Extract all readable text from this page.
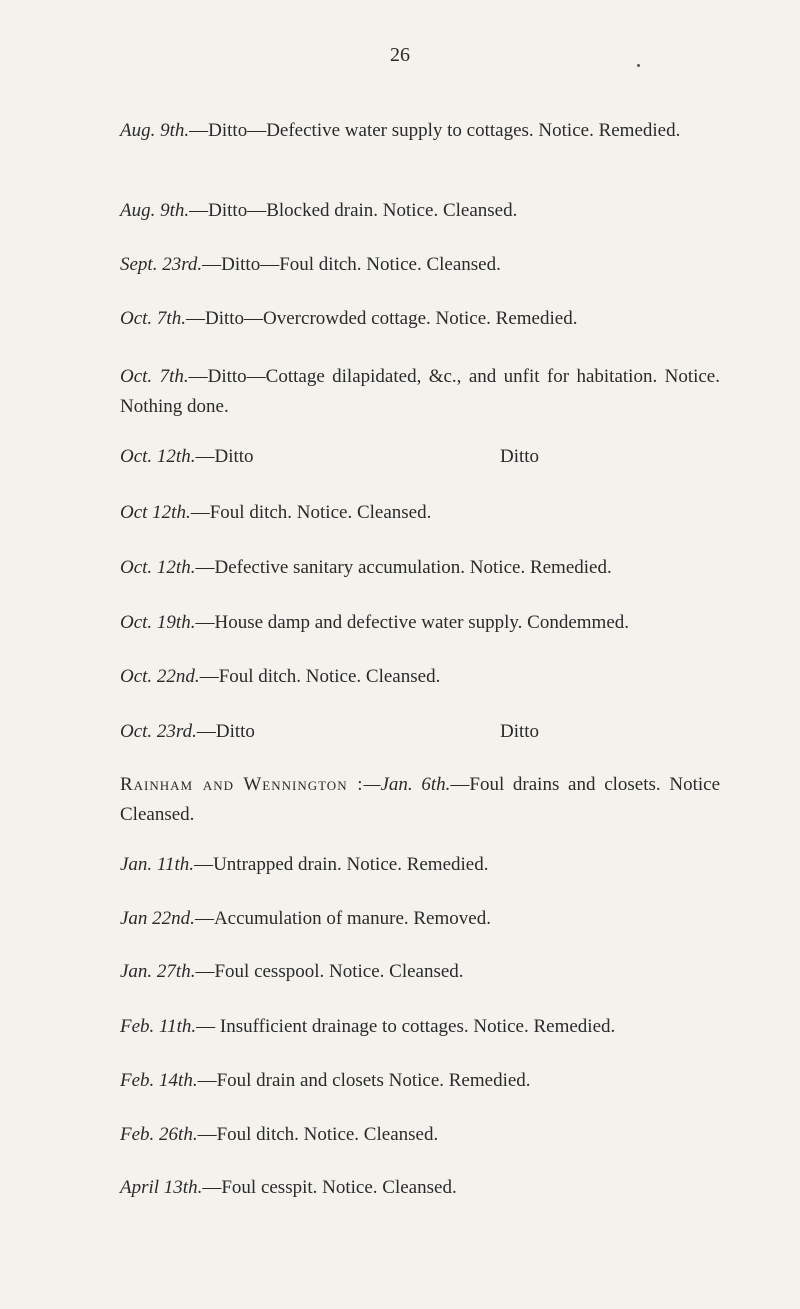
26
Aug. 9th.—Ditto—Defective water supply to cottages. Notice. Remedied.
Aug. 9th.—Ditto—Blocked drain. Notice. Cleansed.
Sept. 23rd.—Ditto—Foul ditch. Notice. Cleansed.
Oct. 7th.—Ditto—Overcrowded cottage. Notice. Remedied.
Oct. 7th.—Ditto—Cottage dilapidated, &c., and unfit for habitation. Notice. Nothing done.
Oct. 12th.—Ditto	Ditto
Oct 12th.—Foul ditch. Notice. Cleansed.
Oct. 12th.—Defective sanitary accumulation. Notice. Remedied.
Oct. 19th.—House damp and defective water supply. Condemmed.
Oct. 22nd.—Foul ditch. Notice. Cleansed.
Oct. 23rd.—Ditto	Ditto
Rainham and Wennington :—Jan. 6th.—Foul drains and closets. Notice Cleansed.
Jan. 11th.—Untrapped drain. Notice. Remedied.
Jan 22nd.—Accumulation of manure. Removed.
Jan. 27th.—Foul cesspool. Notice. Cleansed.
Feb. 11th.— Insufficient drainage to cottages. Notice. Remedied.
Feb. 14th.—Foul drain and closets Notice. Remedied.
Feb. 26th.—Foul ditch. Notice. Cleansed.
April 13th.—Foul cesspit. Notice. Cleansed.
